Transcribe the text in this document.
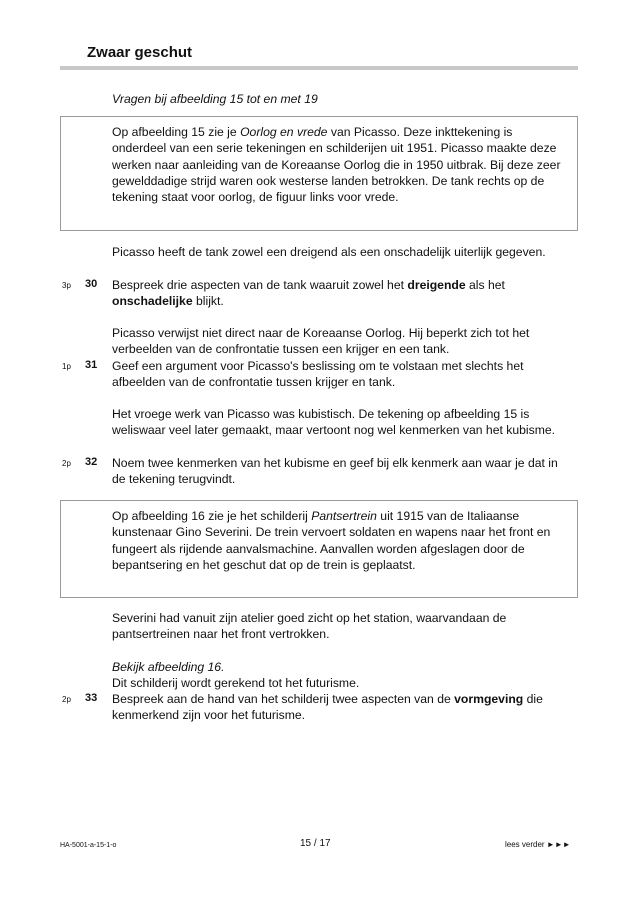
Zwaar geschut
Vragen bij afbeelding 15 tot en met 19

Op afbeelding 15 zie je Oorlog en vrede van Picasso. Deze inkttekening is onderdeel van een serie tekeningen en schilderijen uit 1951. Picasso maakte deze werken naar aanleiding van de Koreaanse Oorlog die in 1950 uitbrak. Bij deze zeer gewelddadige strijd waren ook westerse landen betrokken. De tank rechts op de tekening staat voor oorlog, de figuur links voor vrede.

Picasso heeft de tank zowel een dreigend als een onschadelijk uiterlijk gegeven.

3p 30 Bespreek drie aspecten van de tank waaruit zowel het dreigende als het onschadelijke blijkt.

Picasso verwijst niet direct naar de Koreaanse Oorlog. Hij beperkt zich tot het verbeelden van de confrontatie tussen een krijger en een tank.

1p 31 Geef een argument voor Picasso's beslissing om te volstaan met slechts het afbeelden van de confrontatie tussen krijger en tank.

Het vroege werk van Picasso was kubistisch. De tekening op afbeelding 15 is weliswaar veel later gemaakt, maar vertoont nog wel kenmerken van het kubisme.

2p 32 Noem twee kenmerken van het kubisme en geef bij elk kenmerk aan waar je dat in de tekening terugvindt.

Op afbeelding 16 zie je het schilderij Pantsertrein uit 1915 van de Italiaanse kunstenaar Gino Severini. De trein vervoert soldaten en wapens naar het front en fungeert als rijdende aanvalsmachine. Aanvallen worden afgeslagen door de bepantsering en het geschut dat op de trein is geplaatst.

Severini had vanuit zijn atelier goed zicht op het station, waarvandaan de pantsertreinen naar het front vertrokken.

Bekijk afbeelding 16.

Dit schilderij wordt gerekend tot het futurisme.

2p 33 Bespreek aan de hand van het schilderij twee aspecten van de vormgeving die kenmerkend zijn voor het futurisme.

HA-5001-a-15-1-o	15 / 17	lees verder ►►►
